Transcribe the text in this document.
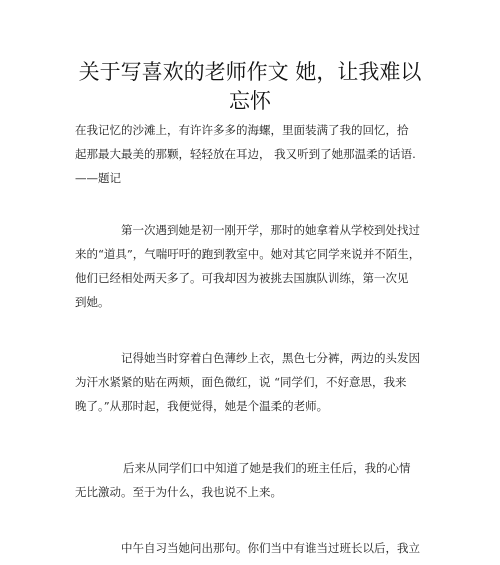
关于写喜欢的老师作文 她，让我难以
忘怀

在我记忆的沙滩上，有许许多多的海螺，里面装满了我的回忆，拾
起那最大最美的那颗，轻轻放在耳边， 我又听到了她那温柔的话语.
——题记

第一次遇到她是初一刚开学，那时的她拿着从学校到处找过
来的“道具”，气喘吁吁的跑到教室中。她对其它同学来说并不陌生，
他们已经相处两天多了。可我却因为被挑去国旗队训练，第一次见
到她。

记得她当时穿着白色薄纱上衣，黑色七分裤，两边的头发因
为汗水紧紧的贴在两颊，面色微红，说 “同学们，不好意思，我来
晚了。”从那时起，我便觉得，她是个温柔的老师。

后来从同学们口中知道了她是我们的班主任后，我的心情
无比激动。至于为什么，我也说不上来。

中午自习当她问出那句。你们当中有谁当过班长以后，我立
